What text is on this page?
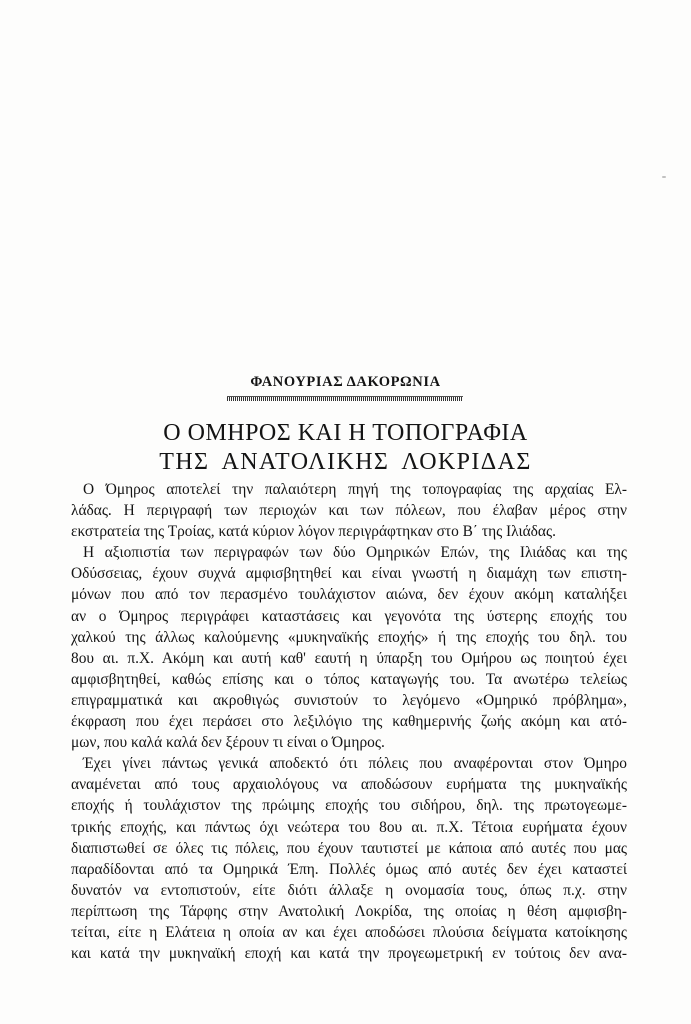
ΦΑΝΟΥΡΙΑΣ ΔΑΚΟΡΩΝΙΑ
Ο ΟΜΗΡΟΣ ΚΑΙ Η ΤΟΠΟΓΡΑΦΙΑ
ΤΗΣ ΑΝΑΤΟΛΙΚΗΣ ΛΟΚΡΙΔΑΣ
Ο Όμηρος αποτελεί την παλαιότερη πηγή της τοπογραφίας της αρχαίας Ελ-
λάδας. Η περιγραφή των περιοχών και των πόλεων, που έλαβαν μέρος στην
εκστρατεία της Τροίας, κατά κύριον λόγον περιγράφτηκαν στο Β΄ της Ιλιάδας.
Η αξιοπιστία των περιγραφών των δύο Ομηρικών Επών, της Ιλιάδας και της
Οδύσσειας, έχουν συχνά αμφισβητηθεί και είναι γνωστή η διαμάχη των επιστη-
μόνων που από τον περασμένο τουλάχιστον αιώνα, δεν έχουν ακόμη καταλήξει
αν ο Όμηρος περιγράφει καταστάσεις και γεγονότα της ύστερης εποχής του
χαλκού της άλλως καλούμενης «μυκηναϊκής εποχής» ή της εποχής του δηλ. του
8ου αι. π.Χ. Ακόμη και αυτή καθ' εαυτή η ύπαρξη του Ομήρου ως ποιητού έχει
αμφισβητηθεί, καθώς επίσης και ο τόπος καταγωγής του. Τα ανωτέρω τελείως
επιγραμματικά και ακροθιγώς συνιστούν το λεγόμενο «Ομηρικό πρόβλημα»,
έκφραση που έχει περάσει στο λεξιλόγιο της καθημερινής ζωής ακόμη και ατό-
μων, που καλά καλά δεν ξέρουν τι είναι ο Όμηρος.
Έχει γίνει πάντως γενικά αποδεκτό ότι πόλεις που αναφέρονται στον Όμηρο
αναμένεται από τους αρχαιολόγους να αποδώσουν ευρήματα της μυκηναϊκής
εποχής ή τουλάχιστον της πρώιμης εποχής του σιδήρου, δηλ. της πρωτογεωμε-
τρικής εποχής, και πάντως όχι νεώτερα του 8ου αι. π.Χ. Τέτοια ευρήματα έχουν
διαπιστωθεί σε όλες τις πόλεις, που έχουν ταυτιστεί με κάποια από αυτές που μας
παραδίδονται από τα Ομηρικά Έπη. Πολλές όμως από αυτές δεν έχει καταστεί
δυνατόν να εντοπιστούν, είτε διότι άλλαξε η ονομασία τους, όπως π.χ. στην
περίπτωση της Τάρφης στην Ανατολική Λοκρίδα, της οποίας η θέση αμφισβη-
τείται, είτε η Ελάτεια η οποία αν και έχει αποδώσει πλούσια δείγματα κατοίκησης
και κατά την μυκηναϊκή εποχή και κατά την προγεωμετρική εν τούτοις δεν ανα-
